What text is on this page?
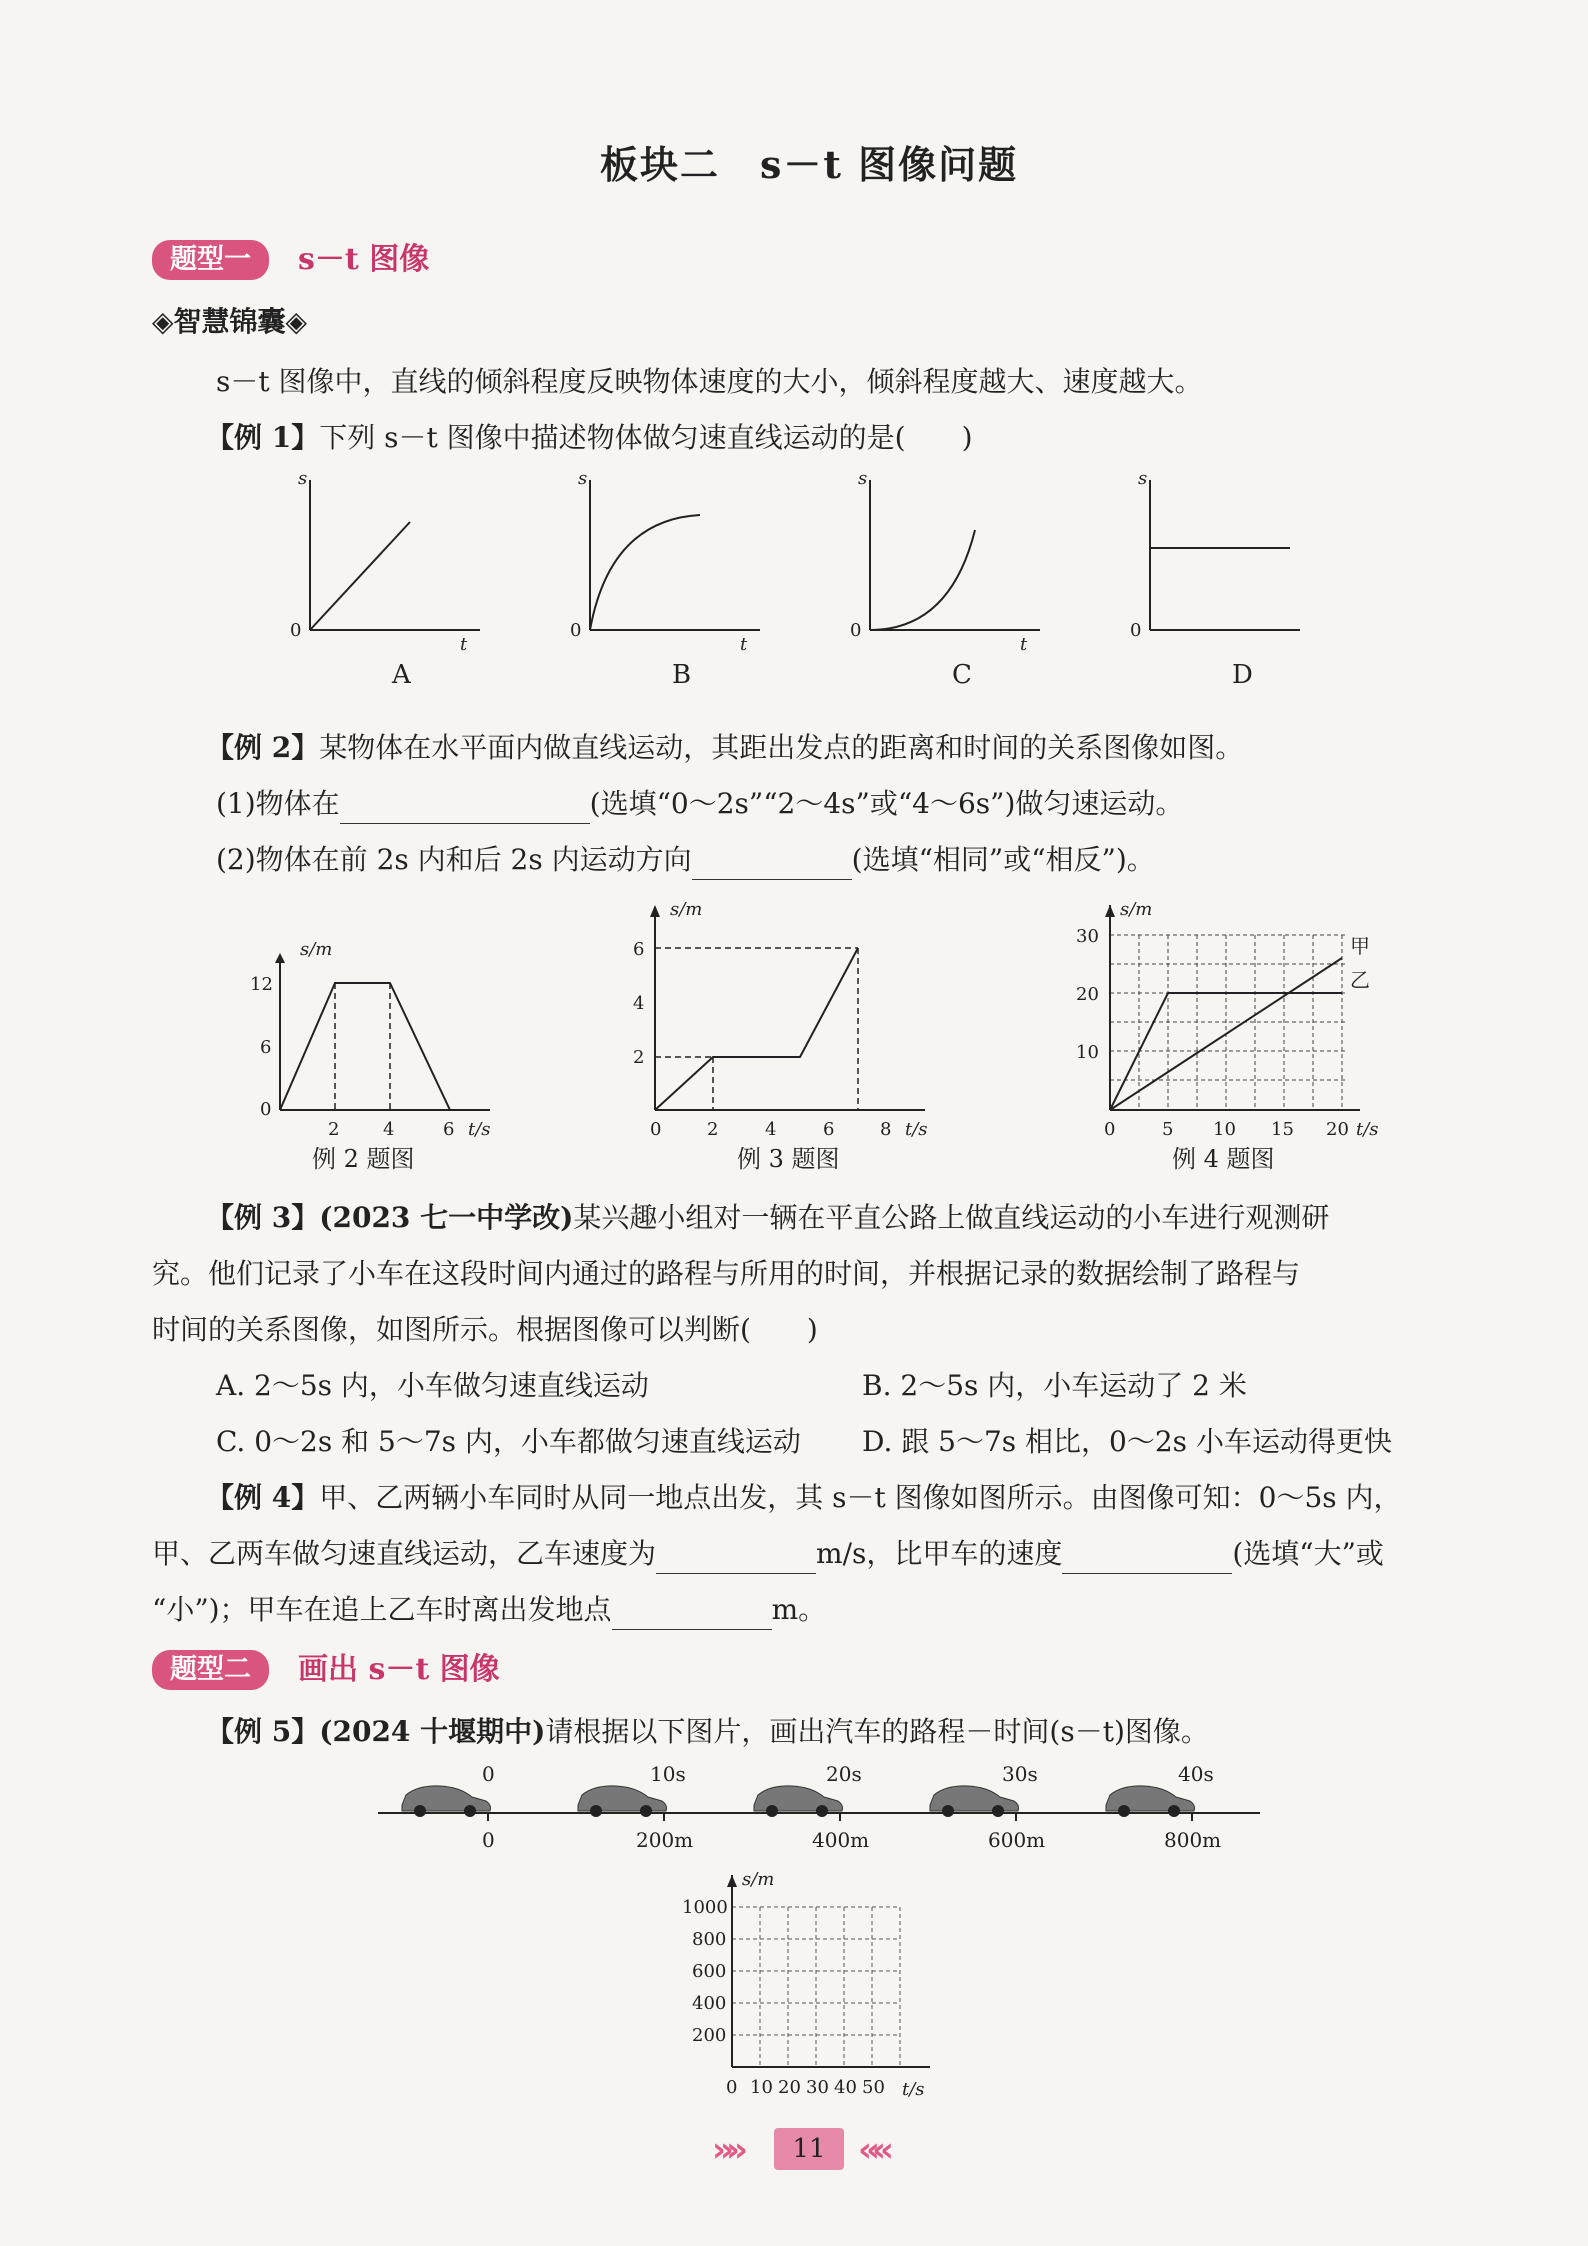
板块二　s－t 图像问题
题型一	s－t 图像
◈智慧锦囊◈
s－t 图像中，直线的倾斜程度反映物体速度的大小，倾斜程度越大、速度越大。
【例 1】下列 s－t 图像中描述物体做匀速直线运动的是(　　)
s
t
0
A
s
t
0
B
s
t
0
C
s
0
D
【例 2】某物体在水平面内做直线运动，其距出发点的距离和时间的关系图像如图。
(1)物体在	(选填“0～2s”“2～4s”或“4～6s”)做匀速运动。
(2)物体在前 2s 内和后 2s 内运动方向	(选填“相同”或“相反”)。
s/m
12
6
0
2 4	6 t/s
例 2 题图
s/m
6
4
2
0	2	4	6	8 t/s
例 3 题图
s/m
30
20
10
0	5 10 15 20 t/s
甲
乙
例 4 题图
【例 3】(2023 七一中学改)某兴趣小组对一辆在平直公路上做直线运动的小车进行观测研
究。他们记录了小车在这段时间内通过的路程与所用的时间，并根据记录的数据绘制了路程与
时间的关系图像，如图所示。根据图像可以判断(　　)
A. 2～5s 内，小车做匀速直线运动	B. 2～5s 内，小车运动了 2 米
C. 0～2s 和 5～7s 内，小车都做匀速直线运动 D. 跟 5～7s 相比，0～2s 小车运动得更快
【例 4】甲、乙两辆小车同时从同一地点出发，其 s－t 图像如图所示。由图像可知：0～5s 内，
甲、乙两车做匀速直线运动，乙车速度为	m/s，比甲车的速度	(选填“大”或
“小”)；甲车在追上乙车时离出发地点	m。
题型二	画出 s－t 图像
【例 5】(2024 十堰期中)请根据以下图片，画出汽车的路程－时间(s－t)图像。
0	10s	20s	30s	40s
0	200m	400m	600m	800m
s/m
1000
800
600
400
200
0 10 20 30 40 50 t/s
»»	11 ««
